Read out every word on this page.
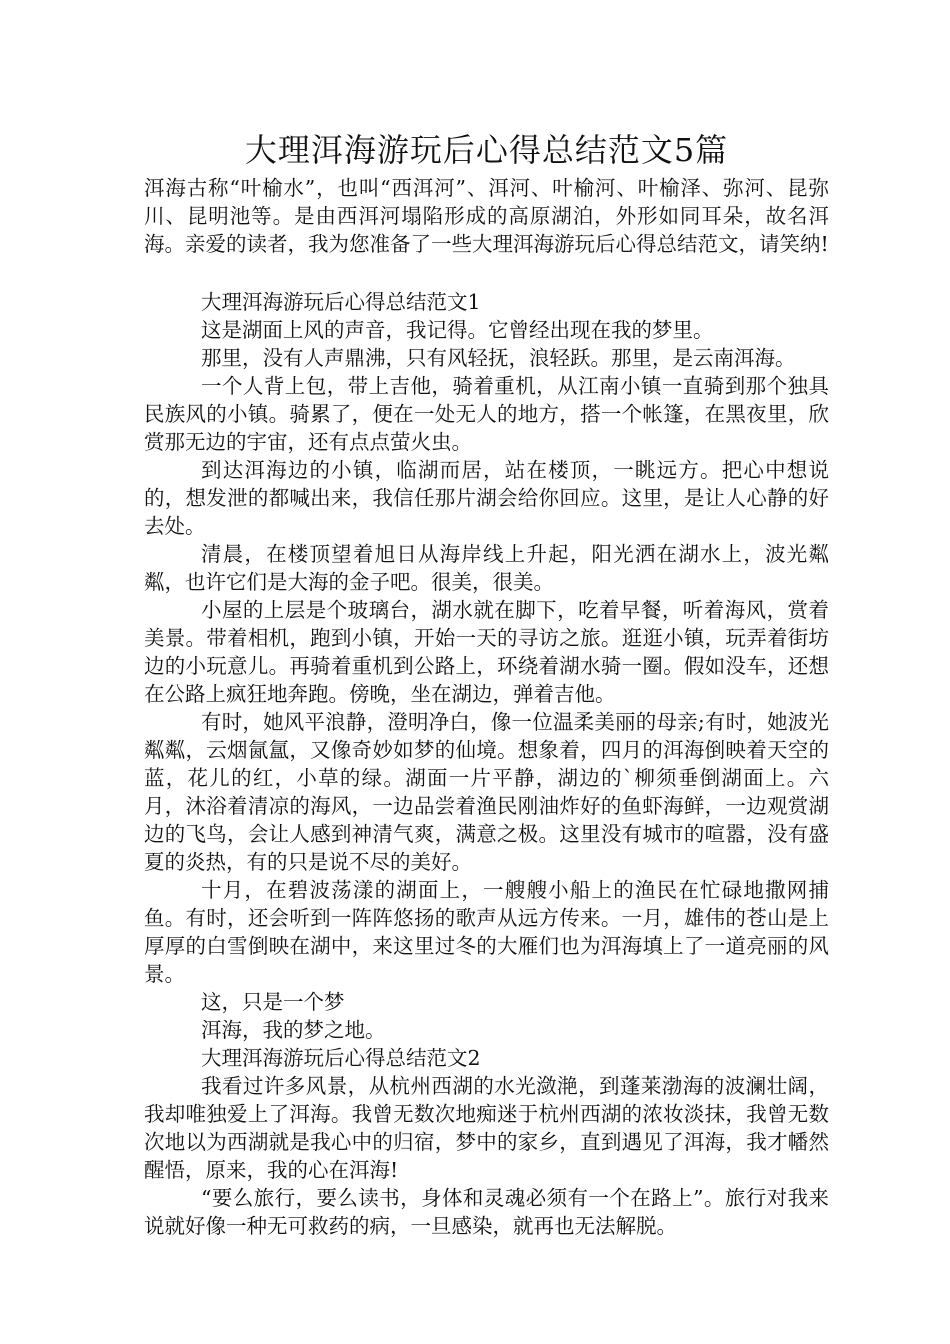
大理洱海游玩后心得总结范文5篇

洱海古称“叶榆水”，也叫“西洱河”、洱河、叶榆河、叶榆泽、弥河、昆弥川、昆明池等。是由西洱河塌陷形成的高原湖泊，外形如同耳朵，故名洱海。亲爱的读者，我为您准备了一些大理洱海游玩后心得总结范文，请笑纳!

大理洱海游玩后心得总结范文1

这是湖面上风的声音，我记得。它曾经出现在我的梦里。

那里，没有人声鼎沸，只有风轻抚，浪轻跃。那里，是云南洱海。

一个人背上包，带上吉他，骑着重机，从江南小镇一直骑到那个独具民族风的小镇。骑累了，便在一处无人的地方，搭一个帐篷，在黑夜里，欣赏那无边的宇宙，还有点点萤火虫。

到达洱海边的小镇，临湖而居，站在楼顶，一眺远方。把心中想说的，想发泄的都喊出来，我信任那片湖会给你回应。这里，是让人心静的好去处。

清晨，在楼顶望着旭日从海岸线上升起，阳光洒在湖水上，波光粼粼，也许它们是大海的金子吧。很美，很美。

小屋的上层是个玻璃台，湖水就在脚下，吃着早餐，听着海风，赏着美景。带着相机，跑到小镇，开始一天的寻访之旅。逛逛小镇，玩弄着街坊边的小玩意儿。再骑着重机到公路上，环绕着湖水骑一圈。假如没车，还想在公路上疯狂地奔跑。傍晚，坐在湖边，弹着吉他。

有时，她风平浪静，澄明净白，像一位温柔美丽的母亲;有时，她波光粼粼，云烟氤氲，又像奇妙如梦的仙境。想象着，四月的洱海倒映着天空的蓝，花儿的红，小草的绿。湖面一片平静，湖边的`柳须垂倒湖面上。六月，沐浴着清凉的海风，一边品尝着渔民刚油炸好的鱼虾海鲜，一边观赏湖边的飞鸟，会让人感到神清气爽，满意之极。这里没有城市的喧嚣，没有盛夏的炎热，有的只是说不尽的美好。

十月，在碧波荡漾的湖面上，一艘艘小船上的渔民在忙碌地撒网捕鱼。有时，还会听到一阵阵悠扬的歌声从远方传来。一月，雄伟的苍山是上厚厚的白雪倒映在湖中，来这里过冬的大雁们也为洱海填上了一道亮丽的风景。

这，只是一个梦

洱海，我的梦之地。

大理洱海游玩后心得总结范文2

我看过许多风景，从杭州西湖的水光潋滟，到蓬莱渤海的波澜壮阔，我却唯独爱上了洱海。我曾无数次地痴迷于杭州西湖的浓妆淡抹，我曾无数次地以为西湖就是我心中的归宿，梦中的家乡，直到遇见了洱海，我才幡然醒悟，原来，我的心在洱海!

“要么旅行，要么读书，身体和灵魂必须有一个在路上”。旅行对我来说就好像一种无可救药的病，一旦感染，就再也无法解脱。
